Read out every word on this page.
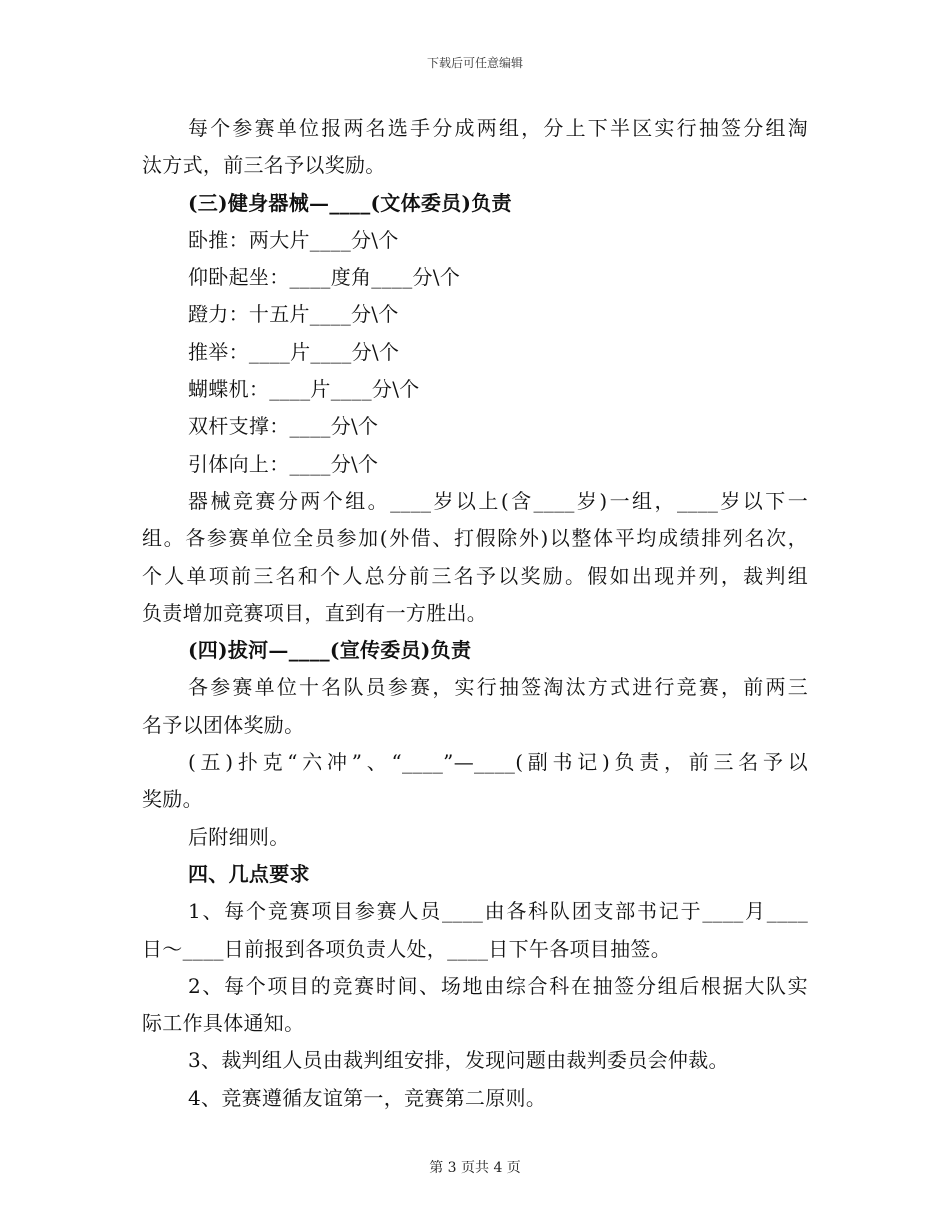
下载后可任意编辑
每个参赛单位报两名选手分成两组，分上下半区实行抽签分组淘
汰方式，前三名予以奖励。
(三)健身器械—____(文体委员)负责
卧推：两大片____分\个
仰卧起坐：____度角____分\个
蹬力：十五片____分\个
推举：____片____分\个
蝴蝶机：____片____分\个
双杆支撑：____分\个
引体向上：____分\个
器械竞赛分两个组。____岁以上(含____岁)一组，____岁以下一
组。各参赛单位全员参加(外借、打假除外)以整体平均成绩排列名次，
个人单项前三名和个人总分前三名予以奖励。假如出现并列，裁判组
负责增加竞赛项目，直到有一方胜出。
(四)拔河—____(宣传委员)负责
各参赛单位十名队员参赛，实行抽签淘汰方式进行竞赛，前两三
名予以团体奖励。
(五)扑克“六冲”、“____”—____(副书记)负责，前三名予以
奖励。
后附细则。
四、几点要求
1、每个竞赛项目参赛人员____由各科队团支部书记于____月____
日～____日前报到各项负责人处，____日下午各项目抽签。
2、每个项目的竞赛时间、场地由综合科在抽签分组后根据大队实
际工作具体通知。
3、裁判组人员由裁判组安排，发现问题由裁判委员会仲裁。
4、竞赛遵循友谊第一，竞赛第二原则。
第 3 页共 4 页
